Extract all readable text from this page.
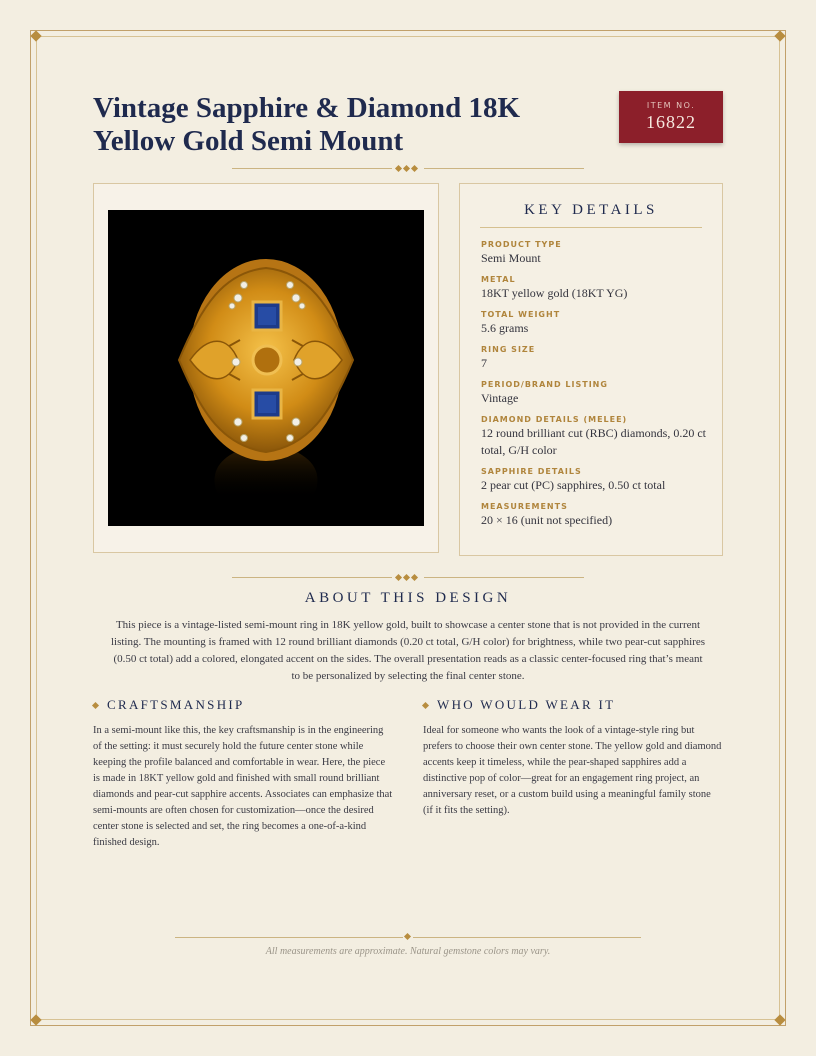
Vintage Sapphire & Diamond 18K Yellow Gold Semi Mount
ITEM NO.
16822
KEY DETAILS
PRODUCT TYPE
Semi Mount
METAL
18KT yellow gold (18KT YG)
TOTAL WEIGHT
5.6 grams
RING SIZE
7
PERIOD/BRAND LISTING
Vintage
DIAMOND DETAILS (MELEE)
12 round brilliant cut (RBC) diamonds, 0.20 ct total, G/H color
SAPPHIRE DETAILS
2 pear cut (PC) sapphires, 0.50 ct total
MEASUREMENTS
20 × 16 (unit not specified)
ABOUT THIS DESIGN

This piece is a vintage-listed semi-mount ring in 18K yellow gold, built to showcase a center stone that is not provided in the current listing. The mounting is framed with 12 round brilliant diamonds (0.20 ct total, G/H color) for brightness, while two pear-cut sapphires (0.50 ct total) add a colored, elongated accent on the sides. The overall presentation reads as a classic center-focused ring that’s meant to be personalized by selecting the final center stone.

CRAFTSMANSHIP

In a semi-mount like this, the key craftsmanship is in the engineering of the setting: it must securely hold the future center stone while keeping the profile balanced and comfortable in wear. Here, the piece is made in 18KT yellow gold and finished with small round brilliant diamonds and pear-cut sapphire accents. Associates can emphasize that semi-mounts are often chosen for customization—once the desired center stone is selected and set, the ring becomes a one-of-a-kind finished design.

WHO WOULD WEAR IT

Ideal for someone who wants the look of a vintage-style ring but prefers to choose their own center stone. The yellow gold and diamond accents keep it timeless, while the pear-shaped sapphires add a distinctive pop of color—great for an engagement ring project, an anniversary reset, or a custom build using a meaningful family stone (if it fits the setting).

All measurements are approximate. Natural gemstone colors may vary.
